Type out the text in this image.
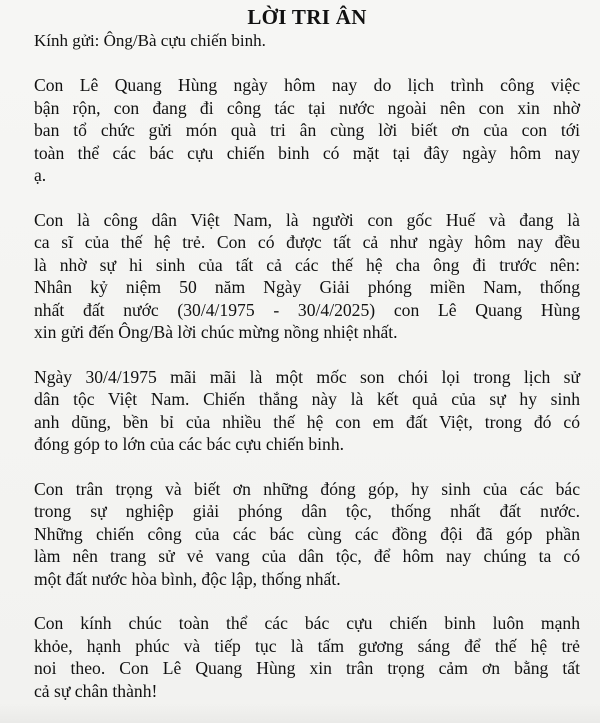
LỜI TRI ÂN
Kính gửi: Ông/Bà cựu chiến binh.
Con Lê Quang Hùng ngày hôm nay do lịch trình công việc
bận rộn, con đang đi công tác tại nước ngoài nên con xin nhờ
ban tổ chức gửi món quà tri ân cùng lời biết ơn của con tới
toàn thể các bác cựu chiến binh có mặt tại đây ngày hôm nay
ạ.
Con là công dân Việt Nam, là người con gốc Huế và đang là
ca sĩ của thế hệ trẻ. Con có được tất cả như ngày hôm nay đều
là nhờ sự hi sinh của tất cả các thế hệ cha ông đi trước nên:
Nhân kỷ niệm 50 năm Ngày Giải phóng miền Nam, thống
nhất đất nước (30/4/1975 - 30/4/2025) con Lê Quang Hùng
xin gửi đến Ông/Bà lời chúc mừng nồng nhiệt nhất.
Ngày 30/4/1975 mãi mãi là một mốc son chói lọi trong lịch sử
dân tộc Việt Nam. Chiến thắng này là kết quả của sự hy sinh
anh dũng, bền bỉ của nhiều thế hệ con em đất Việt, trong đó có
đóng góp to lớn của các bác cựu chiến binh.
Con trân trọng và biết ơn những đóng góp, hy sinh của các bác
trong sự nghiệp giải phóng dân tộc, thống nhất đất nước.
Những chiến công của các bác cùng các đồng đội đã góp phần
làm nên trang sử vẻ vang của dân tộc, để hôm nay chúng ta có
một đất nước hòa bình, độc lập, thống nhất.
Con kính chúc toàn thể các bác cựu chiến binh luôn mạnh
khỏe, hạnh phúc và tiếp tục là tấm gương sáng để thế hệ trẻ
noi theo. Con Lê Quang Hùng xin trân trọng cảm ơn bằng tất
cả sự chân thành!
